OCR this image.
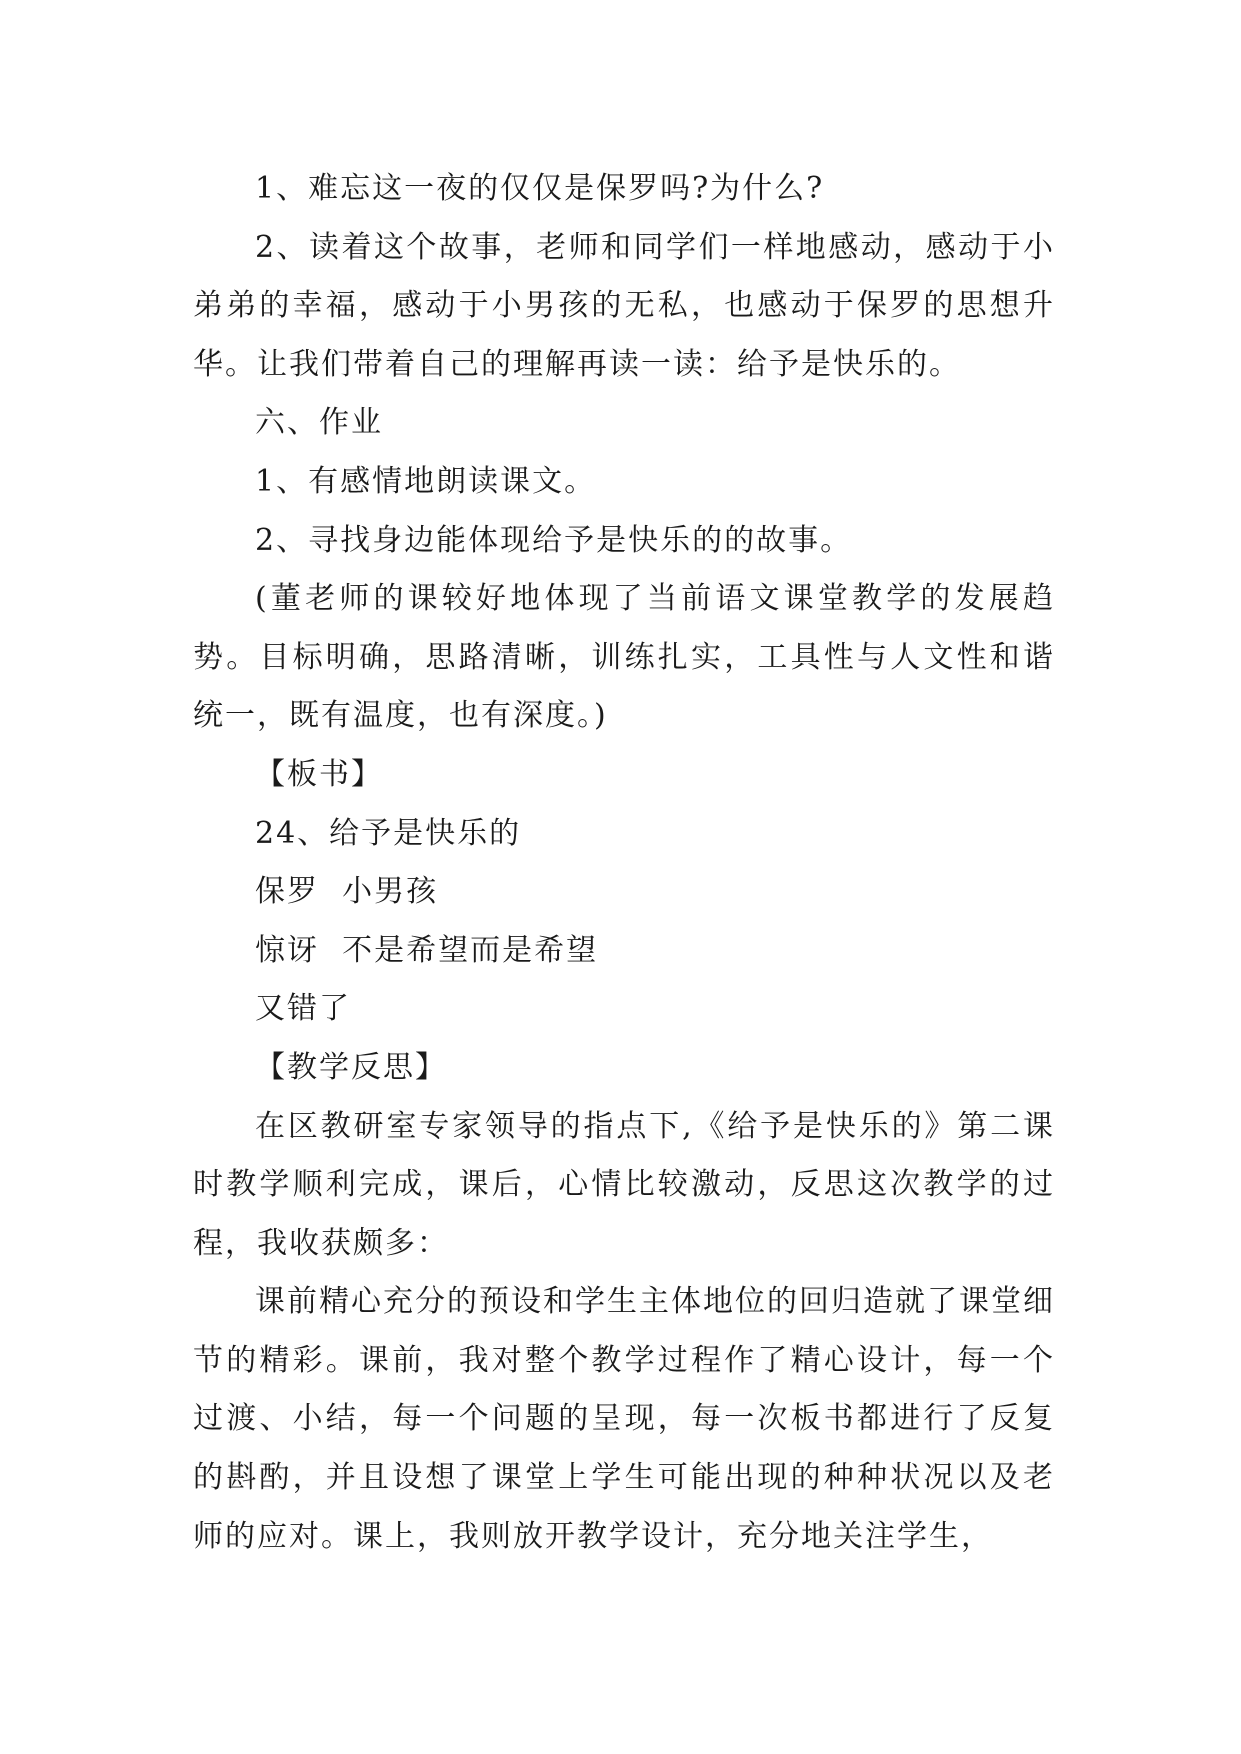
1、难忘这一夜的仅仅是保罗吗?为什么?

2、读着这个故事，老师和同学们一样地感动，感动于小弟弟的幸福，感动于小男孩的无私，也感动于保罗的思想升华。让我们带着自己的理解再读一读：给予是快乐的。

六、作业

1、有感情地朗读课文。

2、寻找身边能体现给予是快乐的的故事。

(董老师的课较好地体现了当前语文课堂教学的发展趋势。目标明确，思路清晰，训练扎实，工具性与人文性和谐统一，既有温度，也有深度。)

【板书】

24、给予是快乐的

保罗  小男孩

惊讶  不是希望而是希望

又错了

【教学反思】

在区教研室专家领导的指点下,《给予是快乐的》第二课时教学顺利完成，课后，心情比较激动，反思这次教学的过程，我收获颇多：

课前精心充分的预设和学生主体地位的回归造就了课堂细节的精彩。课前，我对整个教学过程作了精心设计，每一个过渡、小结，每一个问题的呈现，每一次板书都进行了反复的斟酌，并且设想了课堂上学生可能出现的种种状况以及老师的应对。课上，我则放开教学设计，充分地关注学生，
